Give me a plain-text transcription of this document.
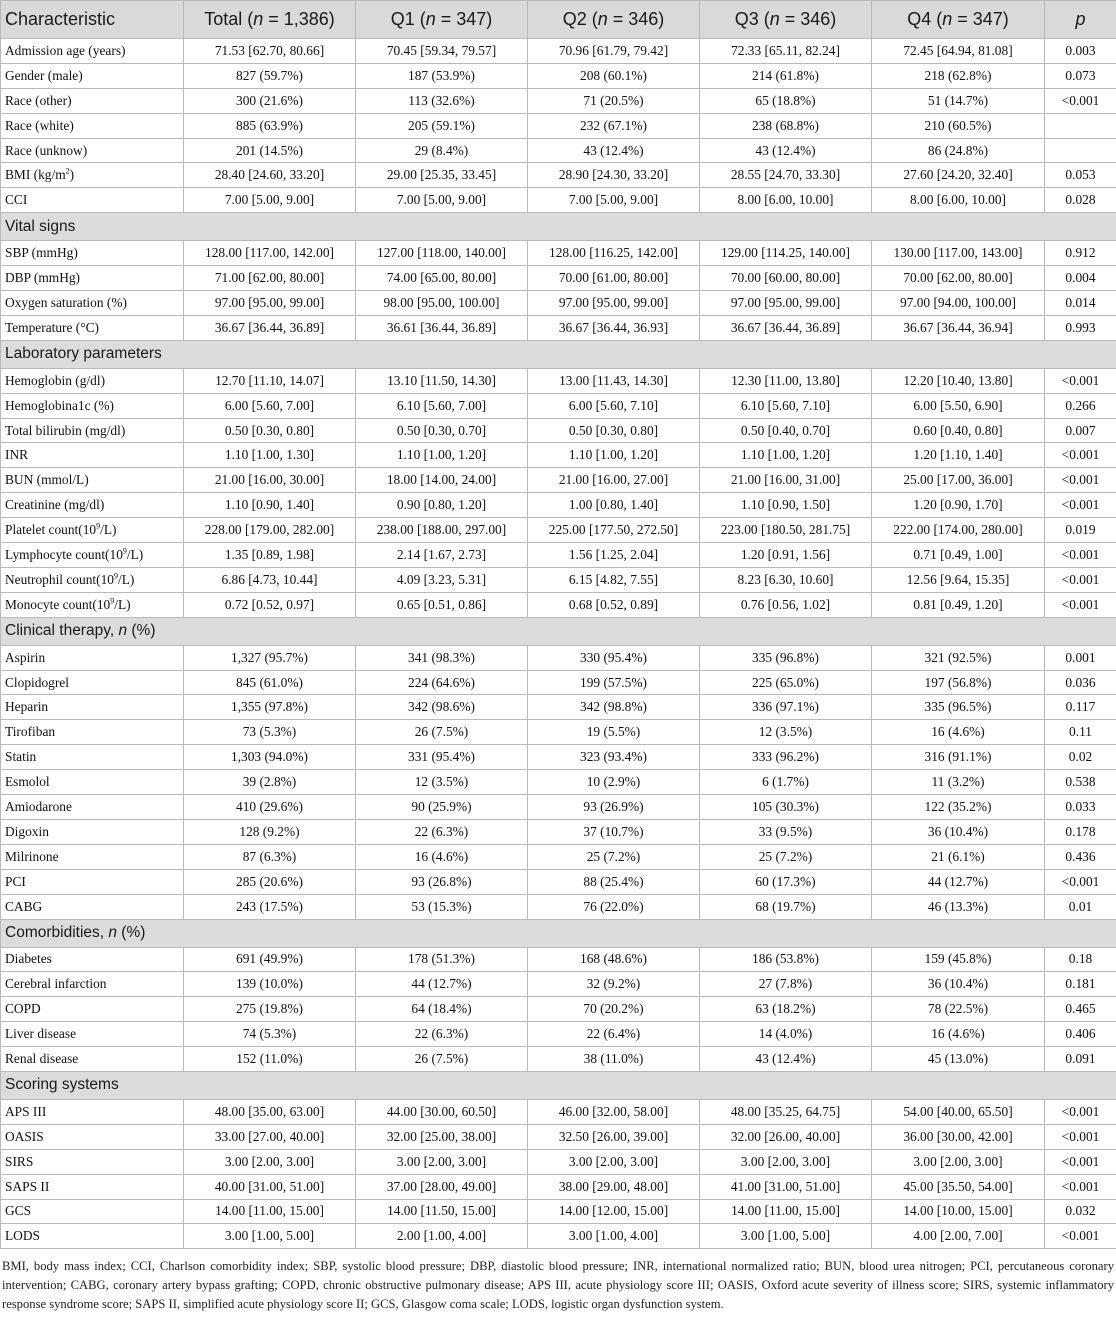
Characteristic	Total (n = 1,386)	Q1 (n = 347)	Q2 (n = 346)	Q3 (n = 346)	Q4 (n = 347)	p
Admission age (years)	71.53 [62.70, 80.66]	70.45 [59.34, 79.57]	70.96 [61.79, 79.42]	72.33 [65.11, 82.24]	72.45 [64.94, 81.08]	0.003
Gender (male)	827 (59.7%)	187 (53.9%)	208 (60.1%)	214 (61.8%)	218 (62.8%)	0.073
Race (other)	300 (21.6%)	113 (32.6%)	71 (20.5%)	65 (18.8%)	51 (14.7%)	<0.001
Race (white)	885 (63.9%)	205 (59.1%)	232 (67.1%)	238 (68.8%)	210 (60.5%)	
Race (unknow)	201 (14.5%)	29 (8.4%)	43 (12.4%)	43 (12.4%)	86 (24.8%)	
BMI $(kg/m^2)$	28.40 [24.60, 33.20]	29.00 [25.35, 33.45]	28.90 [24.30, 33.20]	28.55 [24.70, 33.30]	27.60 [24.20, 32.40]	0.053
CCI	7.00 [5.00, 9.00]	7.00 [5.00, 9.00]	7.00 [5.00, 9.00]	8.00 [6.00, 10.00]	8.00 [6.00, 10.00]	0.028
Vital signs						
SBP (mmHg)	128.00 [117.00, 142.00]	127.00 [118.00, 140.00]	128.00 [116.25, 142.00]	129.00 [114.25, 140.00]	130.00 [117.00, 143.00]	0.912
DBP (mmHg)	71.00 [62.00, 80.00]	74.00 [65.00, 80.00]	70.00 [61.00, 80.00]	70.00 [60.00, 80.00]	70.00 [62.00, 80.00]	0.004
Oxygen saturation (%)	97.00 [95.00, 99.00]	98.00 [95.00, 100.00]	97.00 [95.00, 99.00]	97.00 [95.00, 99.00]	97.00 [94.00, 100.00]	0.014
Temperature (°C)	36.67 [36.44, 36.89]	36.61 [36.44, 36.89]	36.67 [36.44, 36.93]	36.67 [36.44, 36.89]	36.67 [36.44, 36.94]	0.993
Laboratory parameters						
Hemoglobin (g/dl)	12.70 [11.10, 14.07]	13.10 [11.50, 14.30]	13.00 [11.43, 14.30]	12.30 [11.00, 13.80]	12.20 [10.40, 13.80]	<0.001
Hemoglobina1c (%)	6.00 [5.60, 7.00]	6.10 [5.60, 7.00]	6.00 [5.60, 7.10]	6.10 [5.60, 7.10]	6.00 [5.50, 6.90]	0.266
Total bilirubin (mg/dl)	0.50 [0.30, 0.80]	0.50 [0.30, 0.70]	0.50 [0.30, 0.80]	0.50 [0.40, 0.70]	0.60 [0.40, 0.80]	0.007
INR	1.10 [1.00, 1.30]	1.10 [1.00, 1.20]	1.10 [1.00, 1.20]	1.10 [1.00, 1.20]	1.20 [1.10, 1.40]	<0.001
BUN (mmol/L)	21.00 [16.00, 30.00]	18.00 [14.00, 24.00]	21.00 [16.00, 27.00]	21.00 [16.00, 31.00]	25.00 [17.00, 36.00]	<0.001
Creatinine (mg/dl)	1.10 [0.90, 1.40]	0.90 [0.80, 1.20]	1.00 [0.80, 1.40]	1.10 [0.90, 1.50]	1.20 [0.90, 1.70]	<0.001
Platelet $count(10^9/L)$	228.00 [179.00, 282.00]	238.00 [188.00, 297.00]	225.00 [177.50, 272.50]	223.00 [180.50, 281.75]	222.00 [174.00, 280.00]	0.019
Lymphocyte $count(10^9/L)$	1.35 [0.89, 1.98]	2.14 [1.67, 2.73]	1.56 [1.25, 2.04]	1.20 [0.91, 1.56]	0.71 [0.49, 1.00]	<0.001
Neutrophil $count(10^9/L)$	6.86 [4.73, 10.44]	4.09 [3.23, 5.31]	6.15 [4.82, 7.55]	8.23 [6.30, 10.60]	12.56 [9.64, 15.35]	<0.001
Monocyte $count(10^9/L)$	0.72 [0.52, 0.97]	0.65 [0.51, 0.86]	0.68 [0.52, 0.89]	0.76 [0.56, 1.02]	0.81 [0.49, 1.20]	<0.001
Clinical therapy, n (%)						
Aspirin	1,327 (95.7%)	341 (98.3%)	330 (95.4%)	335 (96.8%)	321 (92.5%)	0.001
Clopidogrel	845 (61.0%)	224 (64.6%)	199 (57.5%)	225 (65.0%)	197 (56.8%)	0.036
Heparin	1,355 (97.8%)	342 (98.6%)	342 (98.8%)	336 (97.1%)	335 (96.5%)	0.117
Tirofiban	73 (5.3%)	26 (7.5%)	19 (5.5%)	12 (3.5%)	16 (4.6%)	0.11
Statin	1,303 (94.0%)	331 (95.4%)	323 (93.4%)	333 (96.2%)	316 (91.1%)	0.02
Esmolol	39 (2.8%)	12 (3.5%)	10 (2.9%)	6 (1.7%)	11 (3.2%)	0.538
Amiodarone	410 (29.6%)	90 (25.9%)	93 (26.9%)	105 (30.3%)	122 (35.2%)	0.033
Digoxin	128 (9.2%)	22 (6.3%)	37 (10.7%)	33 (9.5%)	36 (10.4%)	0.178
Milrinone	87 (6.3%)	16 (4.6%)	25 (7.2%)	25 (7.2%)	21 (6.1%)	0.436
PCI	285 (20.6%)	93 (26.8%)	88 (25.4%)	60 (17.3%)	44 (12.7%)	<0.001
CABG	243 (17.5%)	53 (15.3%)	76 (22.0%)	68 (19.7%)	46 (13.3%)	0.01
Comorbidities, n (%)						
Diabetes	691 (49.9%)	178 (51.3%)	168 (48.6%)	186 (53.8%)	159 (45.8%)	0.18
Cerebral infarction	139 (10.0%)	44 (12.7%)	32 (9.2%)	27 (7.8%)	36 (10.4%)	0.181
COPD	275 (19.8%)	64 (18.4%)	70 (20.2%)	63 (18.2%)	78 (22.5%)	0.465
Liver disease	74 (5.3%)	22 (6.3%)	22 (6.4%)	14 (4.0%)	16 (4.6%)	0.406
Renal disease	152 (11.0%)	26 (7.5%)	38 (11.0%)	43 (12.4%)	45 (13.0%)	0.091
Scoring systems						
APS III	48.00 [35.00, 63.00]	44.00 [30.00, 60.50]	46.00 [32.00, 58.00]	48.00 [35.25, 64.75]	54.00 [40.00, 65.50]	<0.001
OASIS	33.00 [27.00, 40.00]	32.00 [25.00, 38.00]	32.50 [26.00, 39.00]	32.00 [26.00, 40.00]	36.00 [30.00, 42.00]	<0.001
SIRS	3.00 [2.00, 3.00]	3.00 [2.00, 3.00]	3.00 [2.00, 3.00]	3.00 [2.00, 3.00]	3.00 [2.00, 3.00]	<0.001
SAPS II	40.00 [31.00, 51.00]	37.00 [28.00, 49.00]	38.00 [29.00, 48.00]	41.00 [31.00, 51.00]	45.00 [35.50, 54.00]	<0.001
GCS	14.00 [11.00, 15.00]	14.00 [11.50, 15.00]	14.00 [12.00, 15.00]	14.00 [11.00, 15.00]	14.00 [10.00, 15.00]	0.032
LODS	3.00 [1.00, 5.00]	2.00 [1.00, 4.00]	3.00 [1.00, 4.00]	3.00 [1.00, 5.00]	4.00 [2.00, 7.00]	<0.001

BMI, body mass index; CCI, Charlson comorbidity index; SBP, systolic blood pressure; DBP, diastolic blood pressure; INR, international normalized ratio; BUN, blood urea nitrogen; PCI, percutaneous coronary intervention; CABG, coronary artery bypass grafting; COPD, chronic obstructive pulmonary disease; APS III, acute physiology score III; OASIS, Oxford acute severity of illness score; SIRS, systemic inflammatory response syndrome score; SAPS II, simplified acute physiology score II; GCS, Glasgow coma scale; LODS, logistic organ dysfunction system.
